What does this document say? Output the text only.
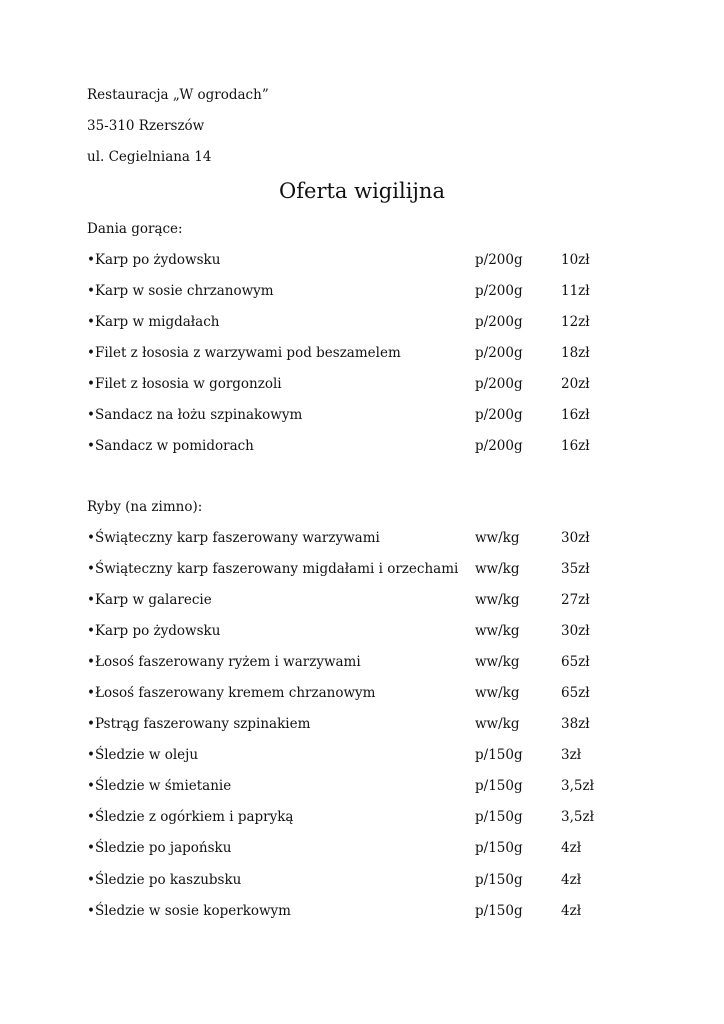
Restauracja „W ogrodach”
35-310 Rzerszów
ul. Cegielniana 14
Oferta wigilijna
Dania gorące:
•Karp po żydowsku	p/200g	10zł
•Karp w sosie chrzanowym	p/200g	11zł
•Karp w migdałach	p/200g	12zł
•Filet z łososia z warzywami pod beszamelem	p/200g	18zł
•Filet z łososia w gorgonzoli	p/200g	20zł
•Sandacz na łożu szpinakowym	p/200g	16zł
•Sandacz w pomidorach	p/200g	16zł
Ryby (na zimno):
•Świąteczny karp faszerowany warzywami	ww/kg	30zł
•Świąteczny karp faszerowany migdałami i orzechami ww/kg	35zł
•Karp w galarecie	ww/kg	27zł
•Karp po żydowsku	ww/kg	30zł
•Łosoś faszerowany ryżem i warzywami	ww/kg	65zł
•Łosoś faszerowany kremem chrzanowym	ww/kg	65zł
•Pstrąg faszerowany szpinakiem	ww/kg	38zł
•Śledzie w oleju	p/150g	3zł
•Śledzie w śmietanie	p/150g	3,5zł
•Śledzie z ogórkiem i papryką	p/150g	3,5zł
•Śledzie po japońsku	p/150g	4zł
•Śledzie po kaszubsku	p/150g	4zł
•Śledzie w sosie koperkowym	p/150g	4zł
